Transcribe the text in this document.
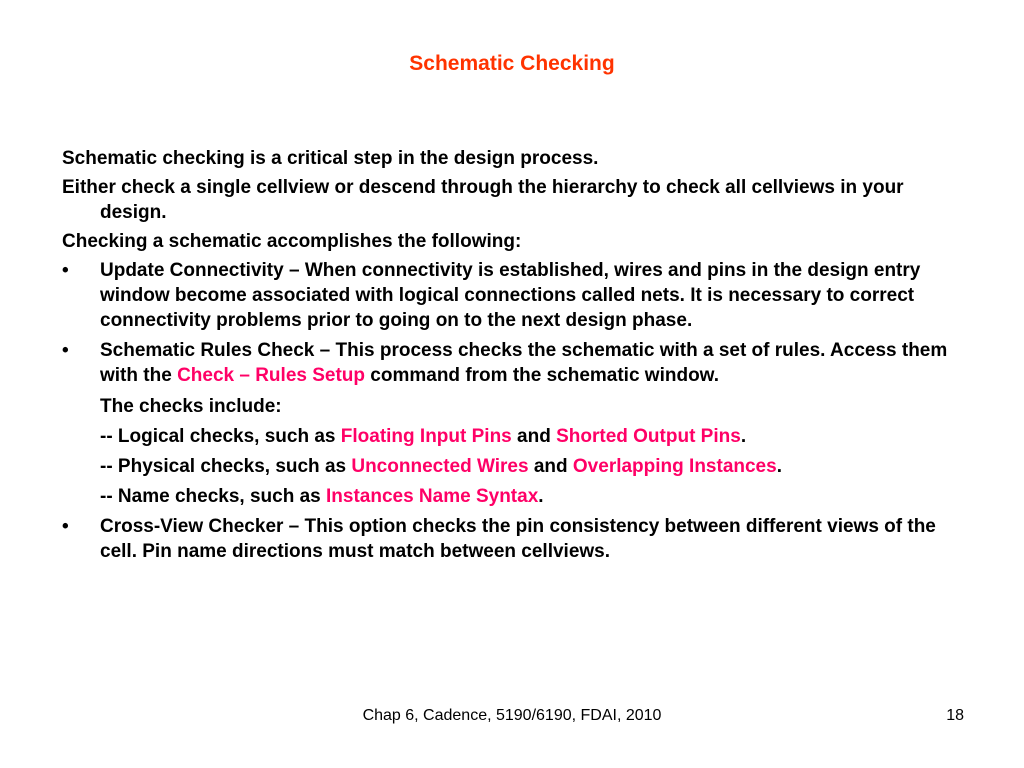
Schematic Checking
Schematic checking is a critical step in the design process.
Either check a single cellview or descend through the hierarchy to check all cellviews in your design.
Checking a schematic accomplishes the following:
•	Update Connectivity – When connectivity is established, wires and pins in the design entry window become associated with logical connections called nets. It is necessary to correct connectivity problems prior to going on to the next design phase.
•	Schematic Rules Check – This process checks the schematic with a set of rules. Access them with the Check – Rules Setup command from the schematic window.
The checks include:
-- Logical checks, such as Floating Input Pins and Shorted Output Pins.
-- Physical checks, such as Unconnected Wires and Overlapping Instances.
-- Name checks, such as Instances Name Syntax.
•	Cross-View Checker – This option checks the pin consistency between different views of the cell. Pin name directions must match between cellviews.
Chap 6, Cadence, 5190/6190, FDAI, 2010	18
